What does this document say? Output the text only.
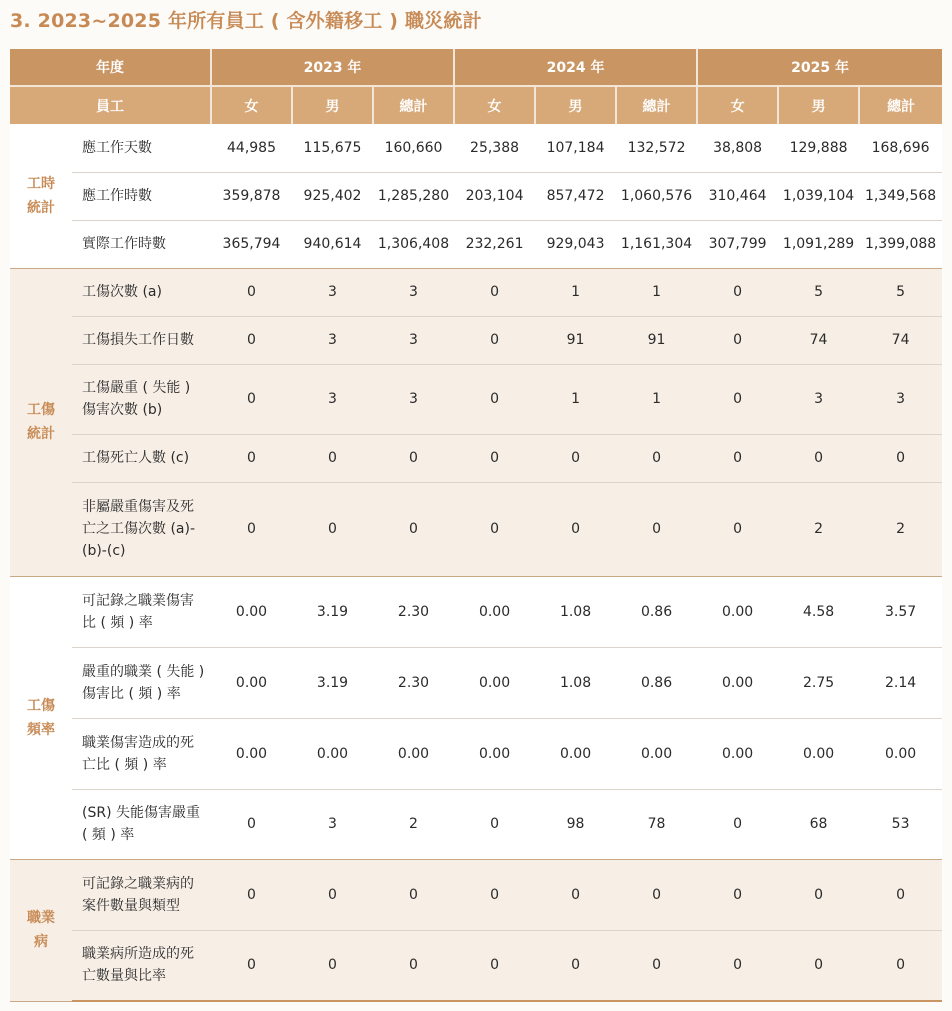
3. 2023~2025 年所有員工 ( 含外籍移工 ) 職災統計
年度		2023 年			2024 年			2025 年		
員工		女	男	總計	女	男	總計	女	男	總計
工時統計	應工作天數	44,985	115,675	160,660	25,388	107,184	132,572	38,808	129,888	168,696
	應工作時數	359,878	925,402	1,285,280	203,104	857,472	1,060,576	310,464	1,039,104	1,349,568
	實際工作時數	365,794	940,614	1,306,408	232,261	929,043	1,161,304	307,799	1,091,289	1,399,088
工傷統計	工傷次數 (a)	0	3	3	0	1	1	0	5	5
	工傷損失工作日數	0	3	3	0	91	91	0	74	74
	工傷嚴重 ( 失能 ) 傷害次數 (b)	0	3	3	0	1	1	0	3	3
	工傷死亡人數 (c)	0	0	0	0	0	0	0	0	0
	非屬嚴重傷害及死亡之工傷次數 (a)-(b)-(c)	0	0	0	0	0	0	0	2	2
工傷頻率	可記錄之職業傷害比 ( 頻 ) 率	0.00	3.19	2.30	0.00	1.08	0.86	0.00	4.58	3.57
	嚴重的職業 ( 失能 ) 傷害比 ( 頻 ) 率	0.00	3.19	2.30	0.00	1.08	0.86	0.00	2.75	2.14
	職業傷害造成的死亡比 ( 頻 ) 率	0.00	0.00	0.00	0.00	0.00	0.00	0.00	0.00	0.00
	(SR) 失能傷害嚴重 ( 頻 ) 率	0	3	2	0	98	78	0	68	53
職業病	可記錄之職業病的案件數量與類型	0	0	0	0	0	0	0	0	0
	職業病所造成的死亡數量與比率	0	0	0	0	0	0	0	0	0
